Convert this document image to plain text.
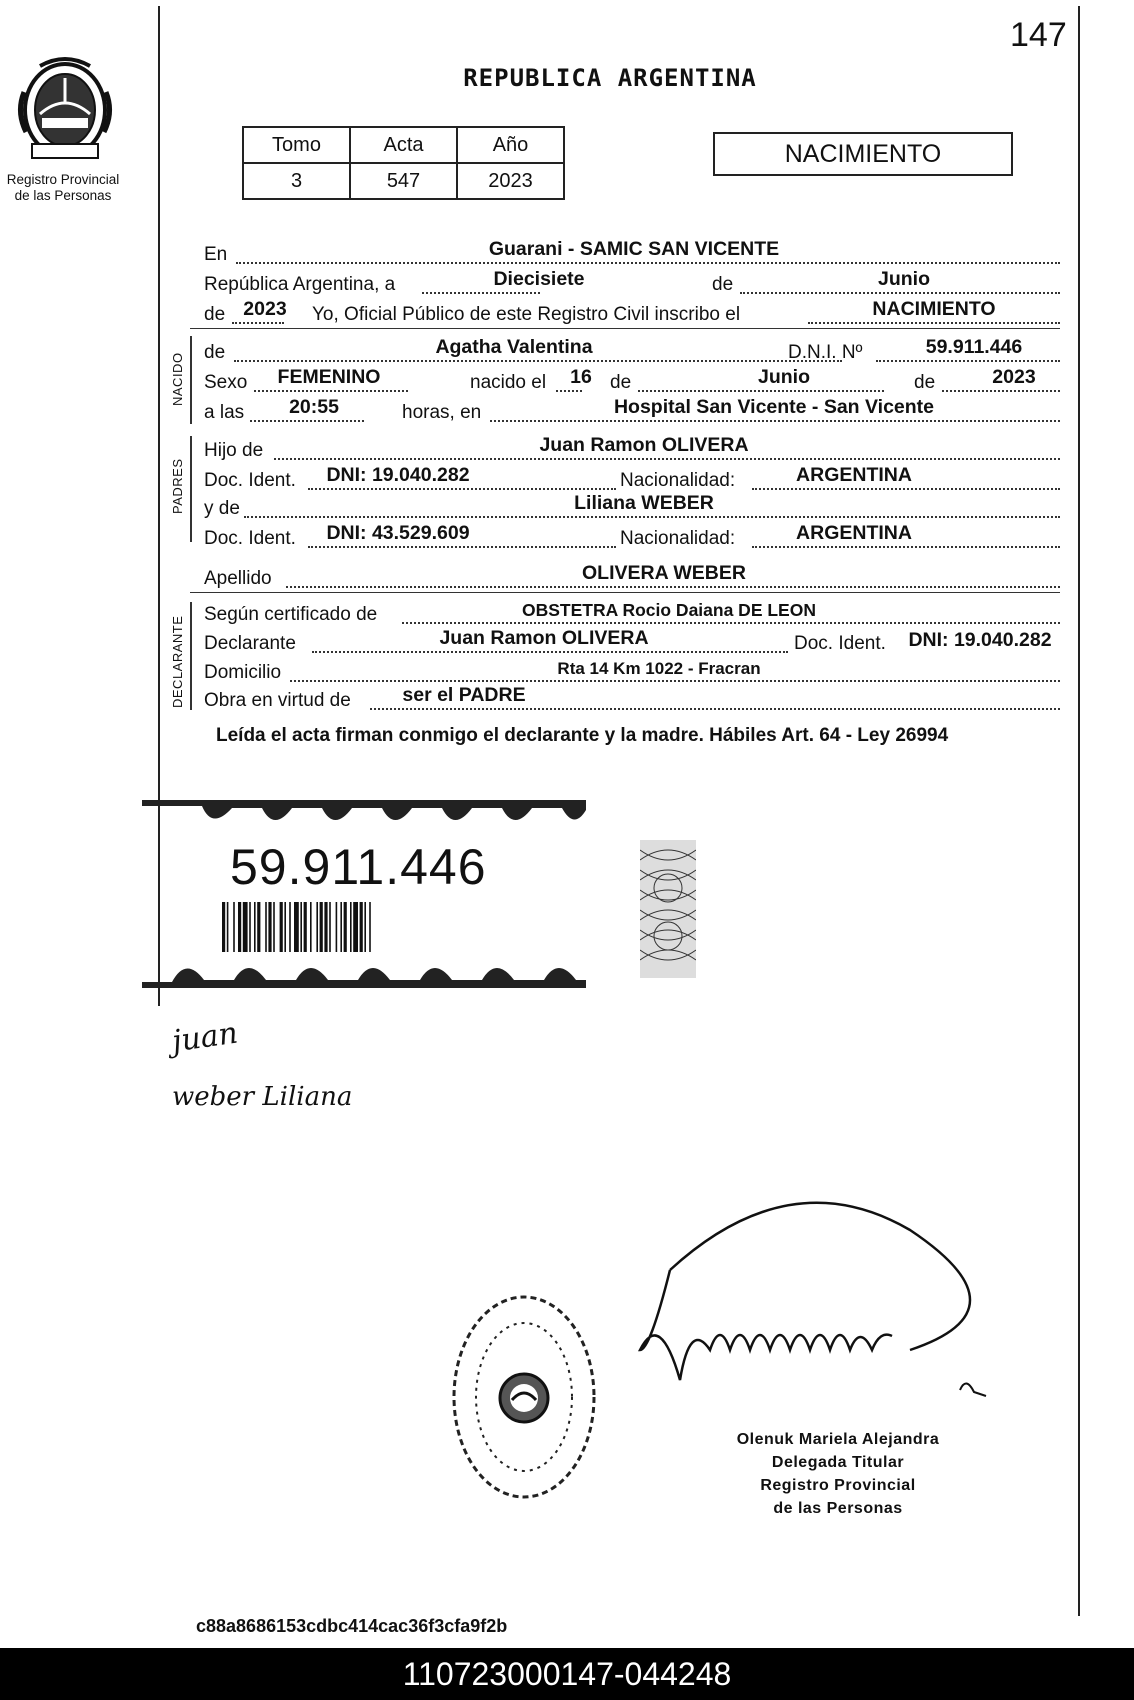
147
Registro Provincial
de las Personas
REPUBLICA ARGENTINA
Tomo	Acta	Año
3	547	2023
NACIMIENTO
En	Guarani - SAMIC SAN VICENTE
República Argentina, a	Diecisiete	de	Junio
de 2023	Yo, Oficial Público de este Registro Civil inscribo el	NACIMIENTO
NACIDO de	Agatha Valentina	D.N.I. Nº	59.911.446
Sexo	FEMENINO	nacido el	16 de	Junio	de	2023
a las	20:55	horas, en	Hospital San Vicente - San Vicente
PADRES
Hijo de	Juan Ramon OLIVERA
Doc. Ident.	DNI: 19.040.282	Nacionalidad:	ARGENTINA
y de	Liliana WEBER
Doc. Ident.	DNI: 43.529.609	Nacionalidad:	ARGENTINA
Apellido	OLIVERA WEBER
DECLARANTE
Según certificado de	OBSTETRA Rocio Daiana DE LEON
Declarante	Juan Ramon OLIVERA	Doc. Ident.	DNI: 19.040.282
Domicilio	Rta 14 Km 1022 - Fracran
Obra en virtud de	ser el PADRE
Leída el acta firman conmigo el declarante y la madre. Hábiles Art. 64 - Ley 26994
59.911.446
juan
weber Liliana
Olenuk Mariela Alejandra
Delegada Titular
Registro Provincial
de las Personas
c88a8686153cdbc414cac36f3cfa9f2b
110723000147-044248
